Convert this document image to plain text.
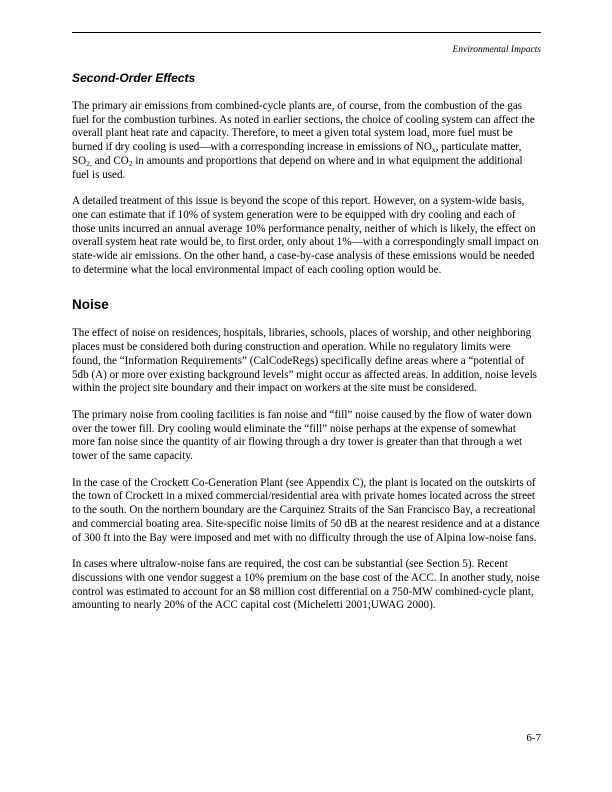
Environmental Impacts
Second-Order Effects

The primary air emissions from combined-cycle plants are, of course, from the combustion of the gas fuel for the combustion turbines. As noted in earlier sections, the choice of cooling system can affect the overall plant heat rate and capacity. Therefore, to meet a given total system load, more fuel must be burned if dry cooling is used—with a corresponding increase in emissions of $NO_x$, particulate matter, $SO_{2,}$ and $CO_2$ in amounts and proportions that depend on where and in what equipment the additional fuel is used.

A detailed treatment of this issue is beyond the scope of this report. However, on a system-wide basis, one can estimate that if 10% of system generation were to be equipped with dry cooling and each of those units incurred an annual average 10% performance penalty, neither of which is likely, the effect on overall system heat rate would be, to first order, only about 1%—with a correspondingly small impact on state-wide air emissions. On the other hand, a case-by-case analysis of these emissions would be needed to determine what the local environmental impact of each cooling option would be.

Noise

The effect of noise on residences, hospitals, libraries, schools, places of worship, and other neighboring places must be considered both during construction and operation. While no regulatory limits were found, the “Information Requirements” (CalCodeRegs) specifically define areas where a “potential of 5db (A) or more over existing background levels” might occur as affected areas. In addition, noise levels within the project site boundary and their impact on workers at the site must be considered.

The primary noise from cooling facilities is fan noise and “fill” noise caused by the flow of water down over the tower fill. Dry cooling would eliminate the “fill” noise perhaps at the expense of somewhat more fan noise since the quantity of air flowing through a dry tower is greater than that through a wet tower of the same capacity.

In the case of the Crockett Co-Generation Plant (see Appendix C), the plant is located on the outskirts of the town of Crockett in a mixed commercial/residential area with private homes located across the street to the south. On the northern boundary are the Carquinez Straits of the San Francisco Bay, a recreational and commercial boating area. Site-specific noise limits of 50 dB at the nearest residence and at a distance of 300 ft into the Bay were imposed and met with no difficulty through the use of Alpina low-noise fans.

In cases where ultralow-noise fans are required, the cost can be substantial (see Section 5). Recent discussions with one vendor suggest a 10% premium on the base cost of the ACC. In another study, noise control was estimated to account for an $8 million cost differential on a 750-MW combined-cycle plant, amounting to nearly 20% of the ACC capital cost (Micheletti 2001;UWAG 2000).

6-7
